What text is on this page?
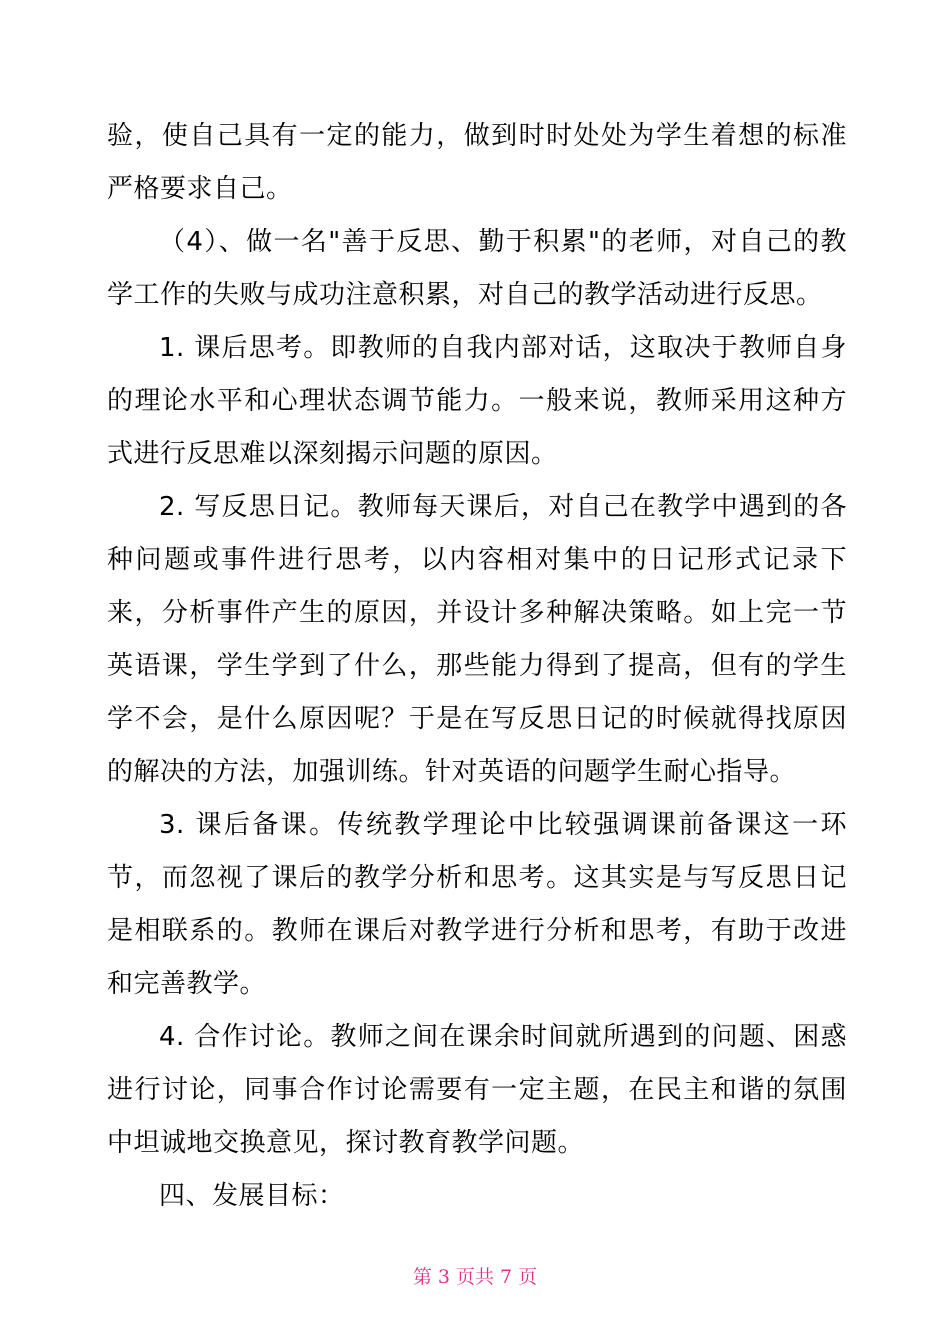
验，使自己具有一定的能力，做到时时处处为学生着想的标准严格要求自己。

（4）、做一名"善于反思、勤于积累"的老师，对自己的教学工作的失败与成功注意积累，对自己的教学活动进行反思。

1. 课后思考。即教师的自我内部对话，这取决于教师自身的理论水平和心理状态调节能力。一般来说，教师采用这种方式进行反思难以深刻揭示问题的原因。

2. 写反思日记。教师每天课后，对自己在教学中遇到的各种问题或事件进行思考，以内容相对集中的日记形式记录下来，分析事件产生的原因，并设计多种解决策略。如上完一节英语课，学生学到了什么，那些能力得到了提高，但有的学生学不会，是什么原因呢？于是在写反思日记的时候就得找原因的解决的方法，加强训练。针对英语的问题学生耐心指导。

3. 课后备课。传统教学理论中比较强调课前备课这一环节，而忽视了课后的教学分析和思考。这其实是与写反思日记是相联系的。教师在课后对教学进行分析和思考，有助于改进和完善教学。

4. 合作讨论。教师之间在课余时间就所遇到的问题、困惑进行讨论，同事合作讨论需要有一定主题，在民主和谐的氛围中坦诚地交换意见，探讨教育教学问题。

四、发展目标：

第 3 页共 7 页
